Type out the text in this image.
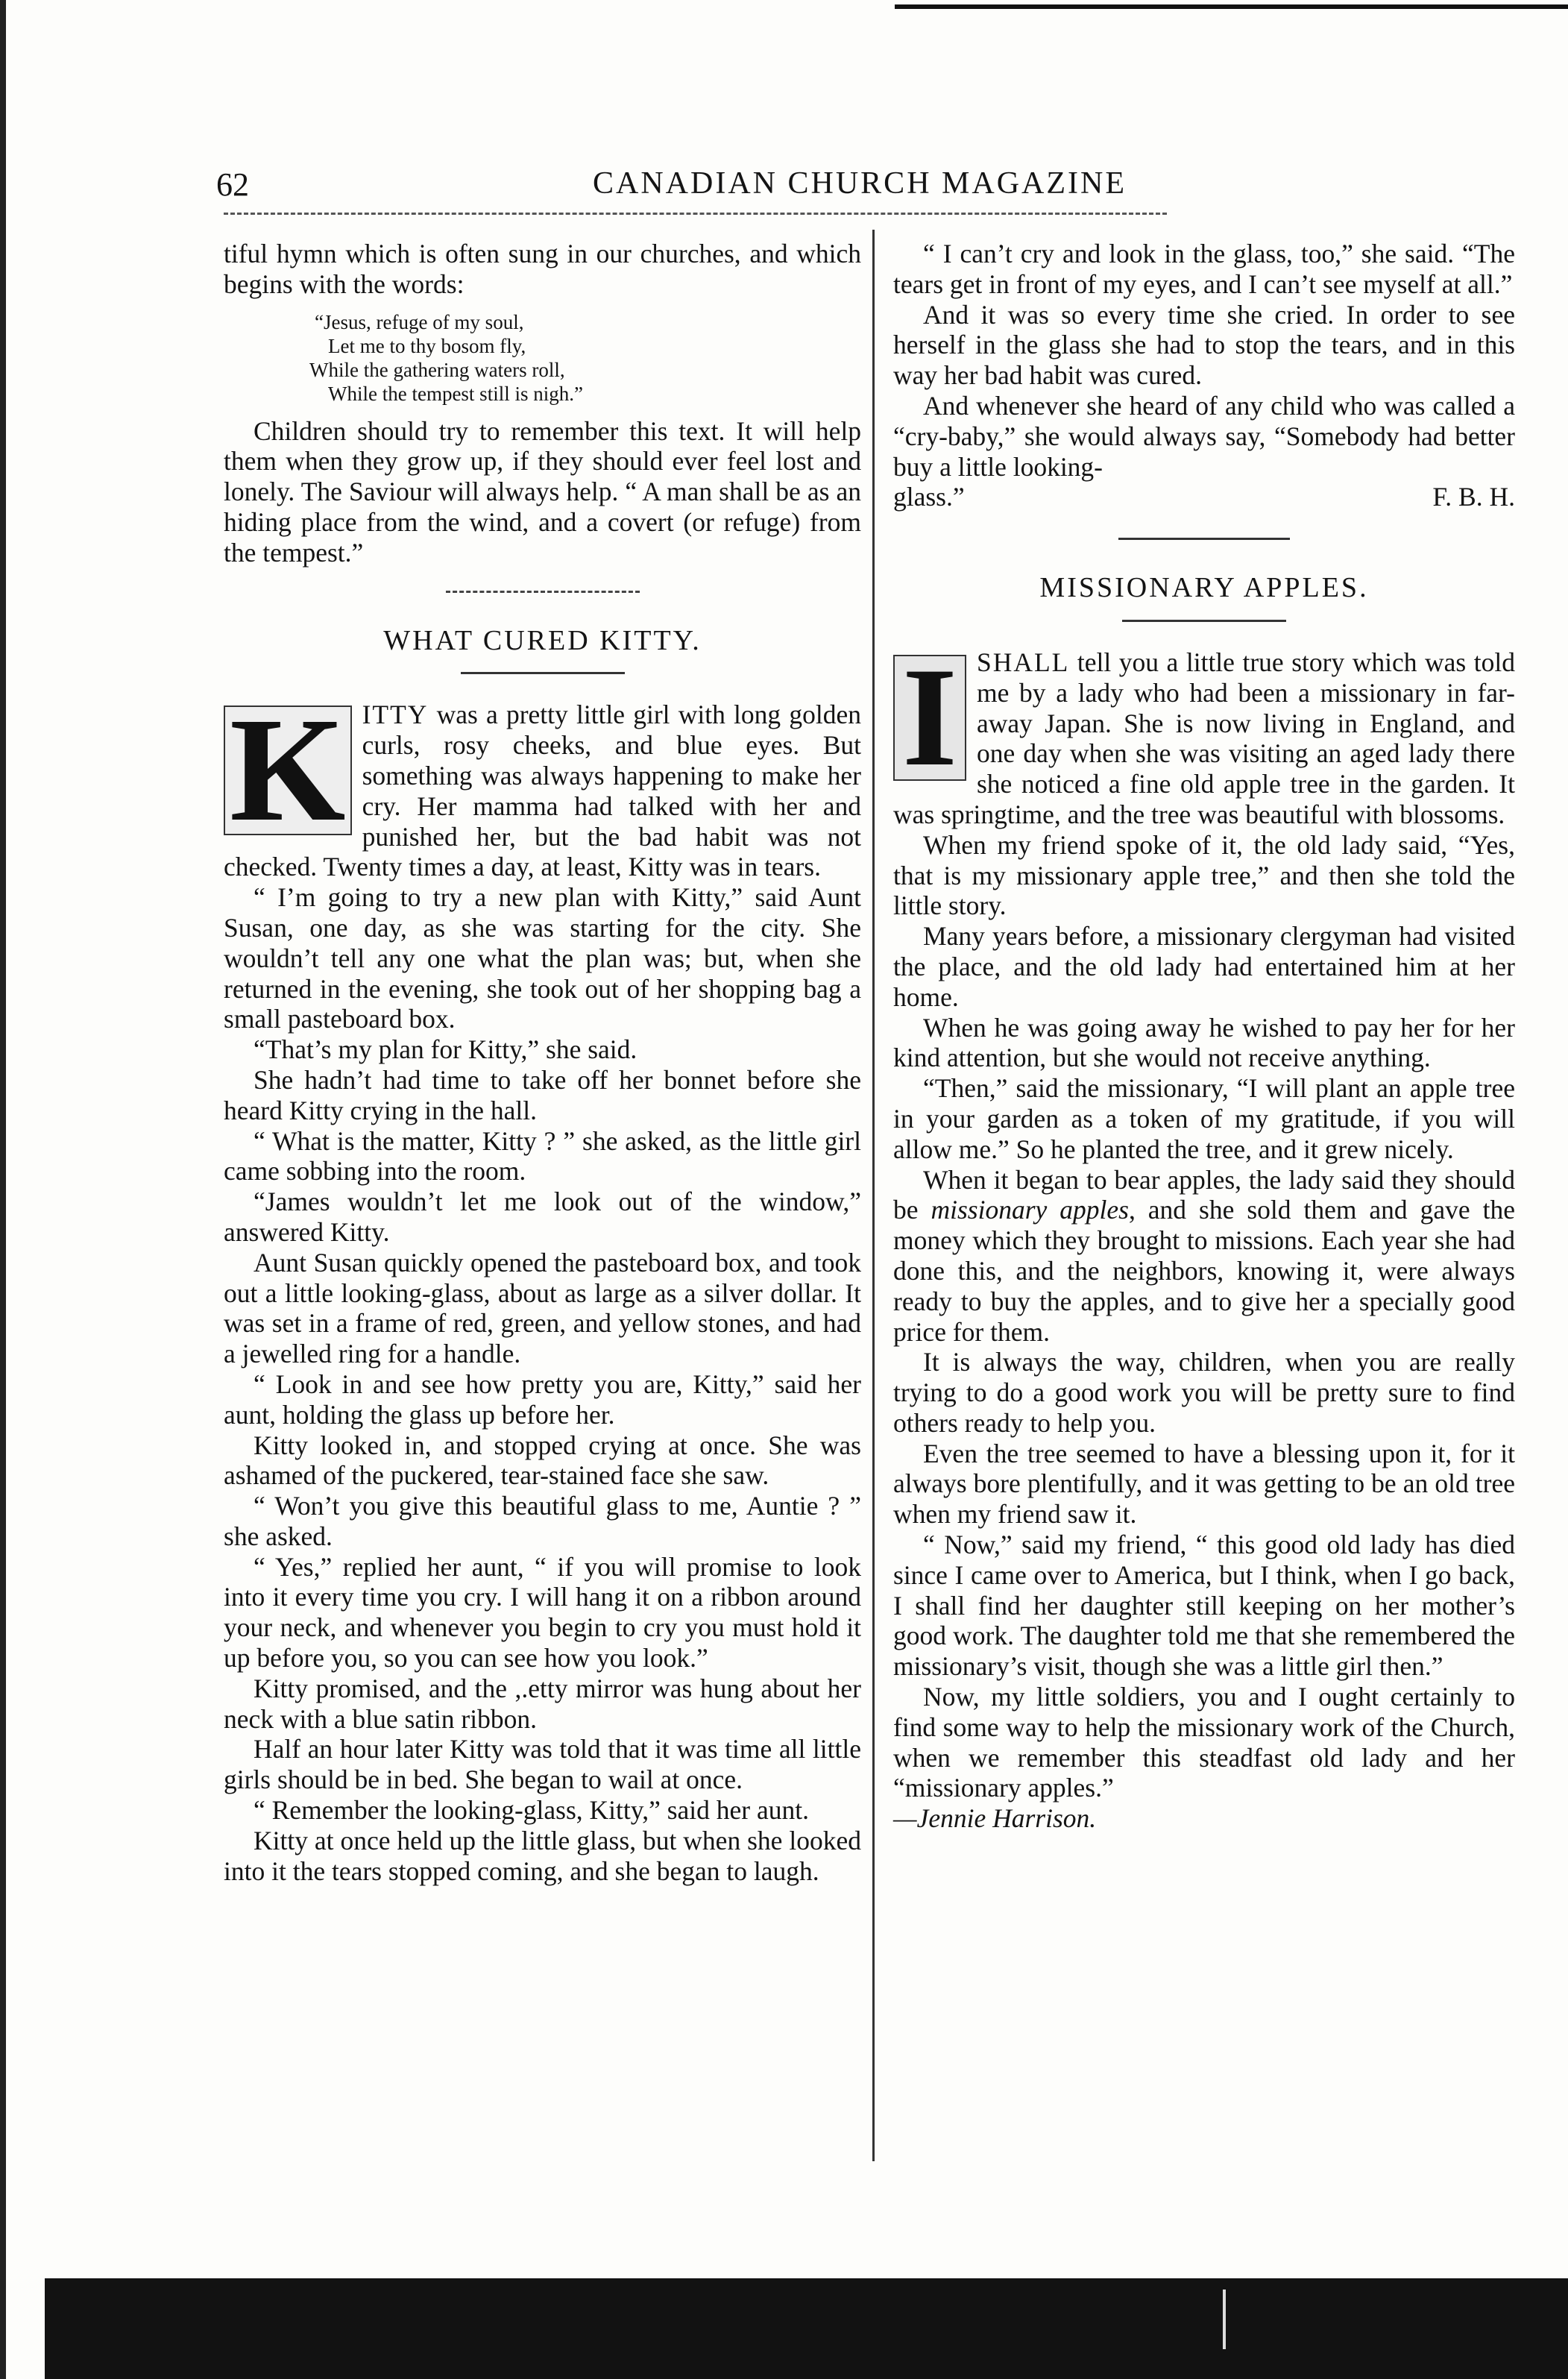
62	CANADIAN CHURCH MAGAZINE

tiful hymn which is often sung in our churches, and which begins with the words:

“Jesus, refuge of my soul,
Let me to thy bosom fly,
While the gathering waters roll,
While the tempest still is nigh.”

Children should try to remember this text. It will help them when they grow up, if they should ever feel lost and lonely. The Saviour will always help. “ A man shall be as an hiding place from the wind, and a covert (or refuge) from the tempest.”

WHAT CURED KITTY.

K ITTY was a pretty little girl with long golden curls, rosy cheeks, and blue eyes. But something was always happening to make her cry. Her mamma had talked with her and punished her, but the bad habit was not checked. Twenty times a day, at least, Kitty was in tears.

“ I’m going to try a new plan with Kitty,” said Aunt Susan, one day, as she was starting for the city. She wouldn’t tell any one what the plan was; but, when she returned in the evening, she took out of her shopping bag a small pasteboard box.

“That’s my plan for Kitty,” she said.

She hadn’t had time to take off her bonnet before she heard Kitty crying in the hall.

“ What is the matter, Kitty ? ” she asked, as the little girl came sobbing into the room.

“James wouldn’t let me look out of the window,” answered Kitty.

Aunt Susan quickly opened the pasteboard box, and took out a little looking-glass, about as large as a silver dollar. It was set in a frame of red, green, and yellow stones, and had a jewelled ring for a handle.

“ Look in and see how pretty you are, Kitty,” said her aunt, holding the glass up before her.

Kitty looked in, and stopped crying at once. She was ashamed of the puckered, tear-stained face she saw.

“ Won’t you give this beautiful glass to me, Auntie ? ” she asked.

“ Yes,” replied her aunt, “ if you will promise to look into it every time you cry. I will hang it on a ribbon around your neck, and whenever you begin to cry you must hold it up before you, so you can see how you look.”

Kitty promised, and the ,.etty mirror was hung about her neck with a blue satin ribbon.

Half an hour later Kitty was told that it was time all little girls should be in bed. She began to wail at once.

“ Remember the looking-glass, Kitty,” said her aunt.

Kitty at once held up the little glass, but when she looked into it the tears stopped coming, and she began to laugh.

“ I can’t cry and look in the glass, too,” she said. “The tears get in front of my eyes, and I can’t see myself at all.”

And it was so every time she cried. In order to see herself in the glass she had to stop the tears, and in this way her bad habit was cured.

And whenever she heard of any child who was called a “cry-baby,” she would always say, “Somebody had better buy a little looking-

glass.”	F. B. H.
MISSIONARY APPLES.

I SHALL tell you a little true story which was told me by a lady who had been a missionary in far-away Japan. She is now living in England, and one day when she was visiting an aged lady there she noticed a fine old apple tree in the garden. It was springtime, and the tree was beautiful with blossoms.

When my friend spoke of it, the old lady said, “Yes, that is my missionary apple tree,” and then she told the little story.

Many years before, a missionary clergyman had visited the place, and the old lady had entertained him at her home.

When he was going away he wished to pay her for her kind attention, but she would not receive anything.

“Then,” said the missionary, “I will plant an apple tree in your garden as a token of my gratitude, if you will allow me.” So he planted the tree, and it grew nicely.

When it began to bear apples, the lady said they should be missionary apples, and she sold them and gave the money which they brought to missions. Each year she had done this, and the neighbors, knowing it, were always ready to buy the apples, and to give her a specially good price for them.

It is always the way, children, when you are really trying to do a good work you will be pretty sure to find others ready to help you.

Even the tree seemed to have a blessing upon it, for it always bore plentifully, and it was getting to be an old tree when my friend saw it.

“ Now,” said my friend, “ this good old lady has died since I came over to America, but I think, when I go back, I shall find her daughter still keeping on her mother’s good work. The daughter told me that she remembered the missionary’s visit, though she was a little girl then.”

Now, my little soldiers, you and I ought certainly to find some way to help the missionary work of the Church, when we remember this steadfast old lady and her “missionary apples.”

—Jennie Harrison.
